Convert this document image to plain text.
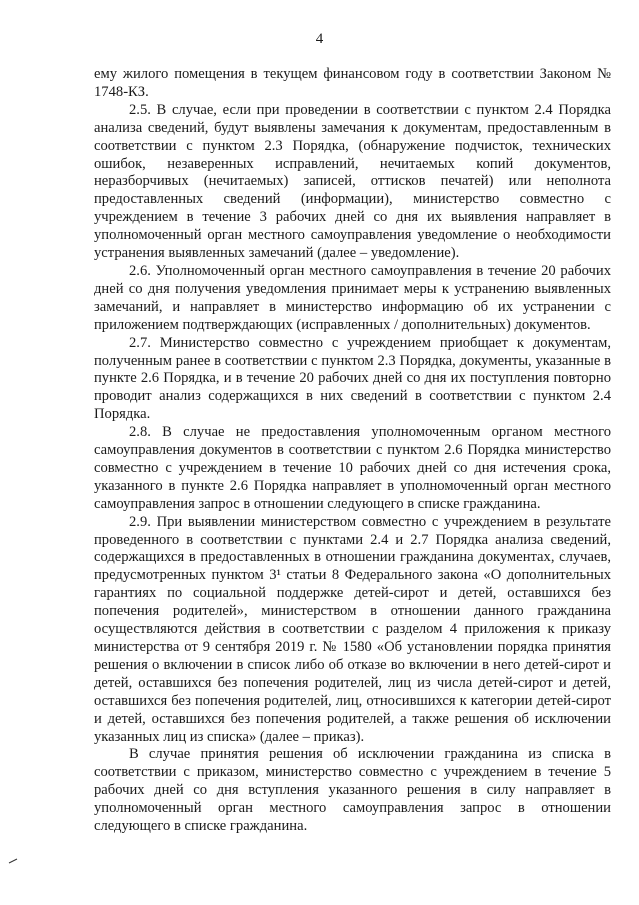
4

ему жилого помещения в текущем финансовом году в соответствии Законом № 1748-КЗ.

2.5. В случае, если при проведении в соответствии с пунктом 2.4 Порядка анализа сведений, будут выявлены замечания к документам, предоставленным в соответствии с пунктом 2.3 Порядка, (обнаружение подчисток, технических ошибок, незаверенных исправлений, нечитаемых копий документов, неразборчивых (нечитаемых) записей, оттисков печатей) или неполнота предоставленных сведений (информации), министерство совместно с учреждением в течение 3 рабочих дней со дня их выявления направляет в уполномоченный орган местного самоуправления уведомление о необходимости устранения выявленных замечаний (далее – уведомление).

2.6. Уполномоченный орган местного самоуправления в течение 20 рабочих дней со дня получения уведомления принимает меры к устранению выявленных замечаний, и направляет в министерство информацию об их устранении с приложением подтверждающих (исправленных / дополнительных) документов.

2.7. Министерство совместно с учреждением приобщает к документам, полученным ранее в соответствии с пунктом 2.3 Порядка, документы, указанные в пункте 2.6 Порядка, и в течение 20 рабочих дней со дня их поступления повторно проводит анализ содержащихся в них сведений в соответствии с пунктом 2.4 Порядка.

2.8. В случае не предоставления уполномоченным органом местного самоуправления документов в соответствии с пунктом 2.6 Порядка министерство совместно с учреждением в течение 10 рабочих дней со дня истечения срока, указанного в пункте 2.6 Порядка направляет в уполномоченный орган местного самоуправления запрос в отношении следующего в списке гражданина.

2.9. При выявлении министерством совместно с учреждением в результате проведенного в соответствии с пунктами 2.4 и 2.7 Порядка анализа сведений, содержащихся в предоставленных в отношении гражданина документах, случаев, предусмотренных пунктом 3¹ статьи 8 Федерального закона «О дополнительных гарантиях по социальной поддержке детей-сирот и детей, оставшихся без попечения родителей», министерством в отношении данного гражданина осуществляются действия в соответствии с разделом 4 приложения к приказу министерства от 9 сентября 2019 г. № 1580 «Об установлении порядка принятия решения о включении в список либо об отказе во включении в него детей-сирот и детей, оставшихся без попечения родителей, лиц из числа детей-сирот и детей, оставшихся без попечения родителей, лиц, относившихся к категории детей-сирот и детей, оставшихся без попечения родителей, а также решения об исключении указанных лиц из списка» (далее – приказ).

В случае принятия решения об исключении гражданина из списка в соответствии с приказом, министерство совместно с учреждением в течение 5 рабочих дней со дня вступления указанного решения в силу направляет в уполномоченный орган местного самоуправления запрос в отношении следующего в списке гражданина.
